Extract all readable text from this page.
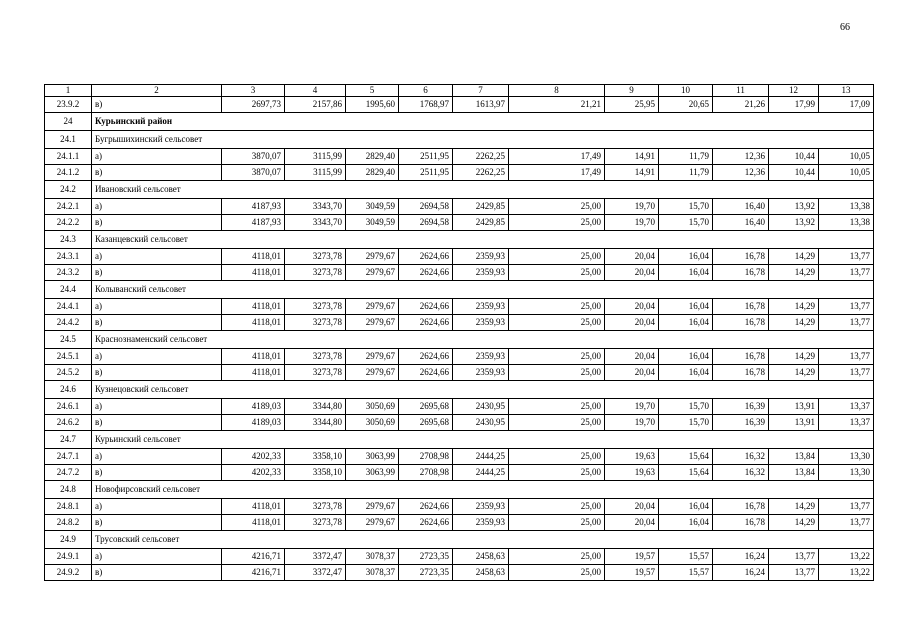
66
1	2	3	4	5	6	7	8	9	10	11	12	13
23.9.2	в)	2697,73	2157,86	1995,60	1768,97	1613,97	21,21	25,95	20,65	21,26	17,99	17,09
24	Курьинский район											
24.1	Бугрышихинский сельсовет											
24.1.1	а)	3870,07	3115,99	2829,40	2511,95	2262,25	17,49	14,91	11,79	12,36	10,44	10,05
24.1.2	в)	3870,07	3115,99	2829,40	2511,95	2262,25	17,49	14,91	11,79	12,36	10,44	10,05
24.2	Ивановский сельсовет											
24.2.1	а)	4187,93	3343,70	3049,59	2694,58	2429,85	25,00	19,70	15,70	16,40	13,92	13,38
24.2.2	в)	4187,93	3343,70	3049,59	2694,58	2429,85	25,00	19,70	15,70	16,40	13,92	13,38
24.3	Казанцевский сельсовет											
24.3.1	а)	4118,01	3273,78	2979,67	2624,66	2359,93	25,00	20,04	16,04	16,78	14,29	13,77
24.3.2	в)	4118,01	3273,78	2979,67	2624,66	2359,93	25,00	20,04	16,04	16,78	14,29	13,77
24.4	Колыванский сельсовет											
24.4.1	а)	4118,01	3273,78	2979,67	2624,66	2359,93	25,00	20,04	16,04	16,78	14,29	13,77
24.4.2	в)	4118,01	3273,78	2979,67	2624,66	2359,93	25,00	20,04	16,04	16,78	14,29	13,77
24.5	Краснознаменский сельсовет											
24.5.1	а)	4118,01	3273,78	2979,67	2624,66	2359,93	25,00	20,04	16,04	16,78	14,29	13,77
24.5.2	в)	4118,01	3273,78	2979,67	2624,66	2359,93	25,00	20,04	16,04	16,78	14,29	13,77
24.6	Кузнецовский сельсовет											
24.6.1	а)	4189,03	3344,80	3050,69	2695,68	2430,95	25,00	19,70	15,70	16,39	13,91	13,37
24.6.2	в)	4189,03	3344,80	3050,69	2695,68	2430,95	25,00	19,70	15,70	16,39	13,91	13,37
24.7	Курьинский сельсовет											
24.7.1	а)	4202,33	3358,10	3063,99	2708,98	2444,25	25,00	19,63	15,64	16,32	13,84	13,30
24.7.2	в)	4202,33	3358,10	3063,99	2708,98	2444,25	25,00	19,63	15,64	16,32	13,84	13,30
24.8	Новофирсовский сельсовет											
24.8.1	а)	4118,01	3273,78	2979,67	2624,66	2359,93	25,00	20,04	16,04	16,78	14,29	13,77
24.8.2	в)	4118,01	3273,78	2979,67	2624,66	2359,93	25,00	20,04	16,04	16,78	14,29	13,77
24.9	Трусовский сельсовет											
24.9.1	а)	4216,71	3372,47	3078,37	2723,35	2458,63	25,00	19,57	15,57	16,24	13,77	13,22
24.9.2	в)	4216,71	3372,47	3078,37	2723,35	2458,63	25,00	19,57	15,57	16,24	13,77	13,22
